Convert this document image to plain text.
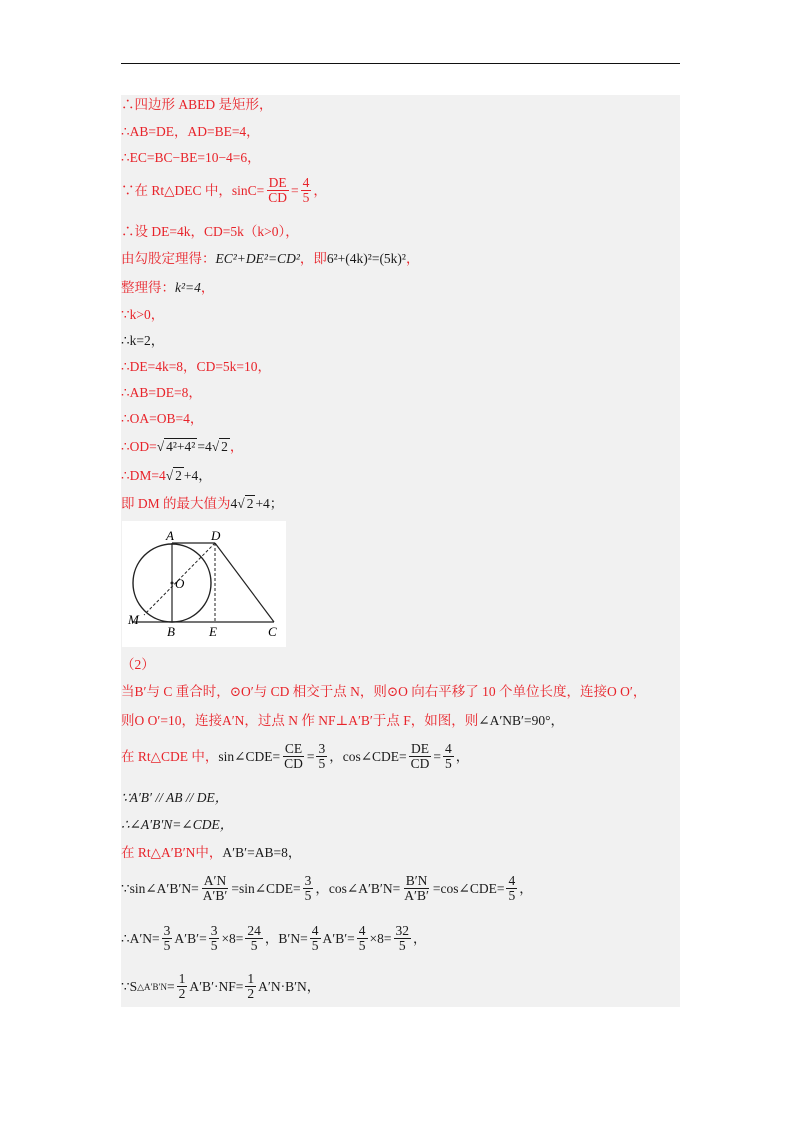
∴四边形 ABED 是矩形，
∴AB=DE，AD=BE=4，
∴EC=BC−BE=10−4=6，
∵在 Rt△DEC 中，$\sin C= \frac{DE}{CD} = \frac{4}{5}$ ，
∴设 DE=4k，CD=5k（k>0），
由勾股定理得： EC²+DE²=CD² ，即 6²+(4k)²=(5k)² ，
整理得： k²=4 ，
∵k>0，
∴k=2，
∴DE=4k=8，CD=5k=10，
∴AB=DE=8，
∴OA=OB=4，
∴OD= √ 4²+4² =4 √ 2 ，
∴DM=4 √ 2 +4，
即 DM 的最大值为 4 √ 2 +4；
A	D
O
M
B	E	C
（2）
当B′与 C 重合时，⊙O′与 CD 相交于点 N，则⊙O 向右平移了 10 个单位长度，连接O O′，
则O O′=10，连接A′N，过点 N 作 NF⊥A′B′于点 F，如图，则 ∠A′NB′=90°，
在 Rt△CDE 中， sin∠CDE= $\frac{CE}{CD} = \frac{3}{5}$ ，cos∠CDE= $\frac{DE}{CD} = \frac{4}{5}$ ，
∵A′B′ // AB // DE，
∴∠A′B′N=∠CDE，
在 Rt△A′B′N中， A′B′=AB=8，
∵sin∠A′B′N= $\frac{A'N}{A'B'}$ =sin∠CDE= $\frac{3}{5}$ ，cos∠A′B′N= $\frac{B'N}{A'B'}$ =cos∠CDE= $\frac{4}{5}$ ，
∴A′N= $\frac{3}{5} A'B'= \frac{3}{5} \times 8= \frac{24}{5}$ ，$B'N= \frac{4}{5} A'B'= \frac{4}{5} \times 8= \frac{32}{5}$ ，
∵S △A′B′N = $\frac{1}{2} A'B'\cdot NF= \frac{1}{2} A'N\cdot B'N$，
